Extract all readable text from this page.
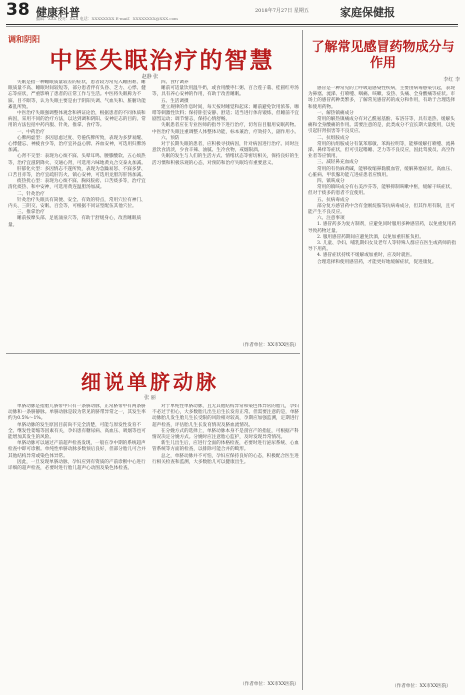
38 健康科普
编辑：XXX 校对：XXX 电话：XXXXXXXX E-mail：XXXXXXXX@XXX.com
2018年7月27日 星期五	家庭保健报
调和阴阳
中医失眠治疗的智慧
赵静 张

失眠是指一种睡眠质量较差的症状，患者较为常见入睡困难、睡眠质量不高、睡眠时间较短等，部分患者伴有头昏、乏力、心悸、健忘等症状，严重影响了患者的正常工作与生活。中医将失眠称为不寐、目不瞑等，认为失眠主要是由于阴阳失调、气血失和、脏腑功能紊乱所致。

中医治疗失眠强调整体观念和辨证论治，根据患者的不同体质和病因，采用不同的治疗方法，以达到调和阴阳、安神定志的目的。常用的方法包括中药内服、针灸、推拿、食疗等。

一、中药治疗

心脾两虚型：多因思虑过度、劳倦伤脾所致，表现为多梦易醒、心悸健忘、神疲食少等，治疗宜补益心脾、养血安神，可选用归脾汤加减。

心肾不交型：表现为心烦不寐、头晕耳鸣、腰膝酸软、五心烦热等，治疗宜滋阴降火、交通心肾，可选用六味地黄丸合交泰丸加减。

肝郁化火型：多因情志不遂所致，表现为急躁易怒、不寐多梦、口苦目赤等，治疗宜疏肝泻火、镇心安神，可选用龙胆泻肝汤加减。

痰热扰心型：表现为心烦不寐、胸闷脘痞、口苦痰多等，治疗宜清化痰热、和中安神，可选用黄连温胆汤加减。

二、针灸治疗

针灸治疗失眠具有简便、安全、有效的特点，常用穴位有神门、内关、三阴交、安眠、百会等，可根据不同证型配伍其他穴位。

三、推拿治疗

睡前按摩头部、足底涌泉穴等，有助于舒缓身心，改善睡眠质量。

四、食疗调养

睡前可适量饮用温牛奶，或食用酸枣仁粥、百合莲子羹、桂圆红枣汤等，具有养心安神的作用，有助于改善睡眠。

五、生活调摄

建立规律的作息时间，每天按时睡觉和起床；睡前避免饮用浓茶、咖啡等刺激性饮料；保持卧室安静、舒适；适当进行体育锻炼，但睡前不宜剧烈运动；调节情志，保持心情舒畅。

失眠患者应在专业医师的指导下进行治疗，切勿盲目服用安眠药物。中医治疗失眠注重调整人体整体功能，标本兼治，疗效持久，副作用小。

六、预防

对于长期失眠的患者，应积极寻找病因，针对病因进行治疗。同时注意饮食清淡，少食辛辣、油腻、生冷食物，戒烟限酒。

失眠的发生与人们的生活方式、情绪状态等密切相关，保持良好的生活习惯和积极乐观的心态，对预防和治疗失眠均有重要意义。

（作者单位：XX市XX医院）
细说单脐动脉
张 丽

单脐动脉是指胎儿脐带中只有一条脐动脉，正常脐带中有两条脐动脉和一条脐静脉。单脐动脉是较为常见的脐带异常之一，其发生率约为0.5%～1%。

单脐动脉的发生原因目前尚不完全清楚，可能与原发性发育不全、继发性萎缩等因素有关，孕妇患有糖尿病、高血压、吸烟等也可能增加其发生的风险。

单脐动脉可以通过产前超声检查发现，一般在孕中期的系统超声检查中即可诊断。单纯性单脐动脉多数预后良好，但部分胎儿可合并其他结构异常或染色体异常。

因此，一旦发现单脐动脉，孕妇应到有资质的产前诊断中心进行详细的超声检查，必要时进行胎儿超声心动图及染色体检查。

对于单纯性单脐动脉，且无其他结构异常和染色体异常的胎儿，孕妇不必过于担心，大多数胎儿出生后生长发育正常。但需要注意的是，单脐动脉胎儿发生胎儿生长受限的风险相对较高，孕期应加强监测，定期进行超声检查，评估胎儿生长发育情况及脐血流情况。

在分娩方式的选择上，单脐动脉本身不是剖宫产的指征，可根据产科情况决定分娩方式。分娩时应注意胎心监护，及时发现异常情况。

新生儿出生后，应进行全面的体格检查，必要时进行泌尿系统、心血管系统等方面的检查，以排除可能合并的畸形。

总之，单脐动脉并不可怕，孕妇应保持良好的心态，积极配合医生进行相关检查和监测，大多数胎儿可以健康出生。

（作者单位：XX市XX医院）
了解常见感冒药物成分与作用
李红 李

感冒是一种常见的上呼吸道感染性疾病，主要由病毒感染引起，表现为鼻塞、流涕、打喷嚏、咽痛、咳嗽、发热、头痛、全身酸痛等症状。市场上的感冒药种类繁多，了解常见感冒药的成分和作用，有助于合理选择和使用药物。

一、解热镇痛成分

常用的解热镇痛成分有对乙酰氨基酚、布洛芬等，具有退热、缓解头痛和全身酸痛的作用。需要注意的是，此类成分不宜长期大量使用，以免引起肝肾损害等不良反应。

二、抗组胺成分

常用的抗组胺成分有氯苯那敏、苯海拉明等，能够缓解打喷嚏、流鼻涕、鼻痒等症状，但可引起嗜睡、乏力等不良反应，因此驾驶员、高空作业者等应慎用。

三、减轻鼻充血成分

常用的有伪麻黄碱，能够收缩鼻黏膜血管，缓解鼻塞症状。高血压、心脏病、甲状腺功能亢进症患者应慎用。

四、镇咳成分

常用的镇咳成分有右美沙芬等，能够抑制咳嗽中枢，缓解干咳症状，但对于痰多的患者不宜使用。

五、抗病毒成分

部分复方感冒药中含有金刚烷胺等抗病毒成分，但其作用有限，且可能产生不良反应。

六、注意事项

1. 感冒药多为复方制剂，应避免同时服用多种感冒药，以免重复用药导致药物过量。

2. 服用感冒药期间应避免饮酒，以免加重肝脏负担。

3. 儿童、孕妇、哺乳期妇女及老年人等特殊人群应在医生或药师的指导下用药。

4. 感冒症状持续不缓解或加重时，应及时就医。

合理选择和使用感冒药，才能更好地缓解症状，促进康复。

（作者单位：XX市XX医院）
